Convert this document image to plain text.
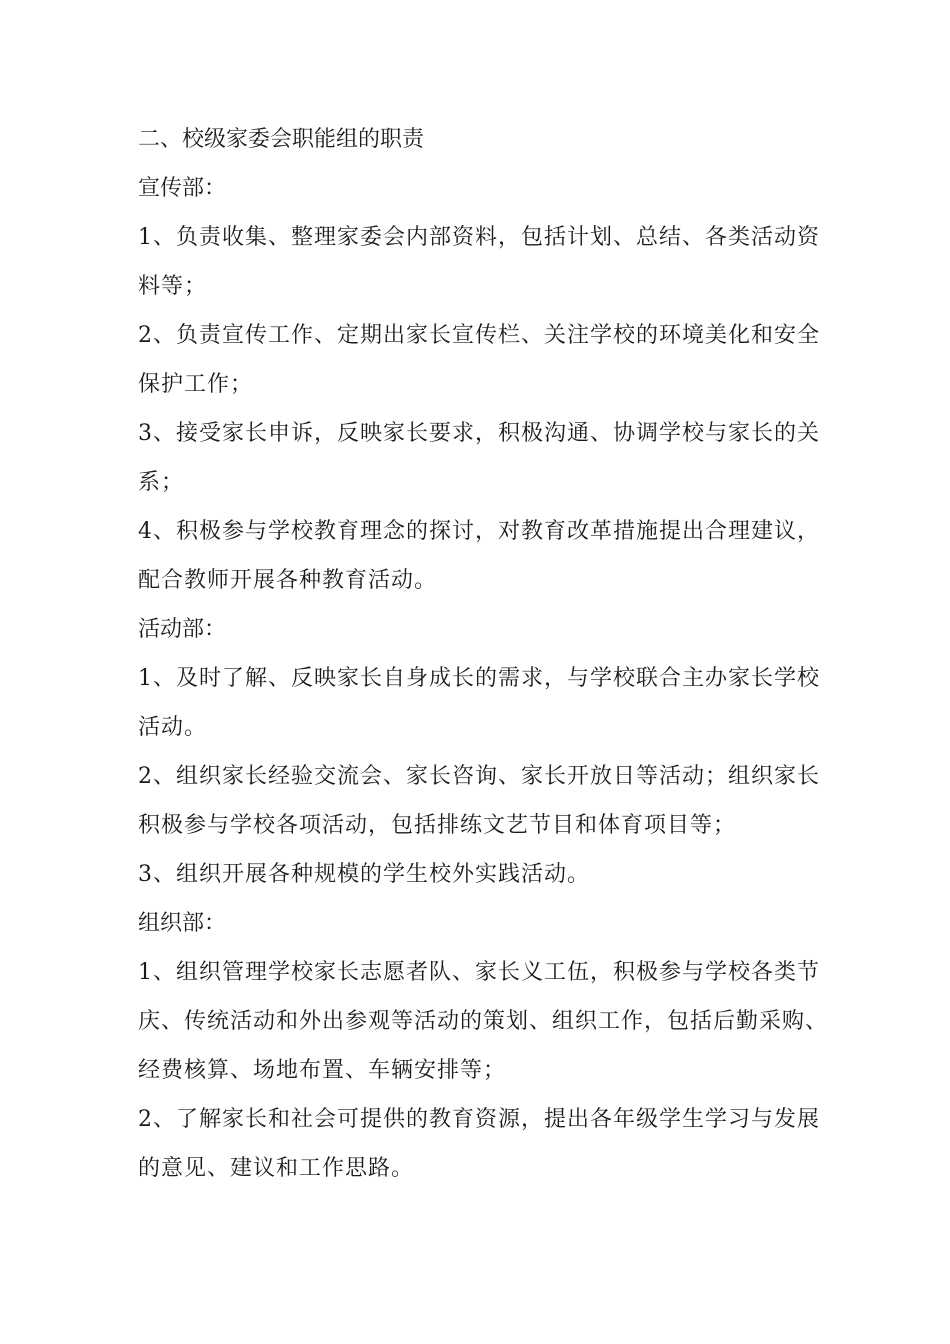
二、校级家委会职能组的职责
宣传部：
1、负责收集、整理家委会内部资料，包括计划、总结、各类活动资
料等；
2、负责宣传工作、定期出家长宣传栏、关注学校的环境美化和安全
保护工作；
3、接受家长申诉，反映家长要求，积极沟通、协调学校与家长的关
系；
4、积极参与学校教育理念的探讨，对教育改革措施提出合理建议，
配合教师开展各种教育活动。
活动部：
1、及时了解、反映家长自身成长的需求，与学校联合主办家长学校
活动。
2、组织家长经验交流会、家长咨询、家长开放日等活动；组织家长
积极参与学校各项活动，包括排练文艺节目和体育项目等；
3、组织开展各种规模的学生校外实践活动。
组织部：
1、组织管理学校家长志愿者队、家长义工伍，积极参与学校各类节
庆、传统活动和外出参观等活动的策划、组织工作，包括后勤采购、
经费核算、场地布置、车辆安排等；
2、了解家长和社会可提供的教育资源，提出各年级学生学习与发展
的意见、建议和工作思路。
